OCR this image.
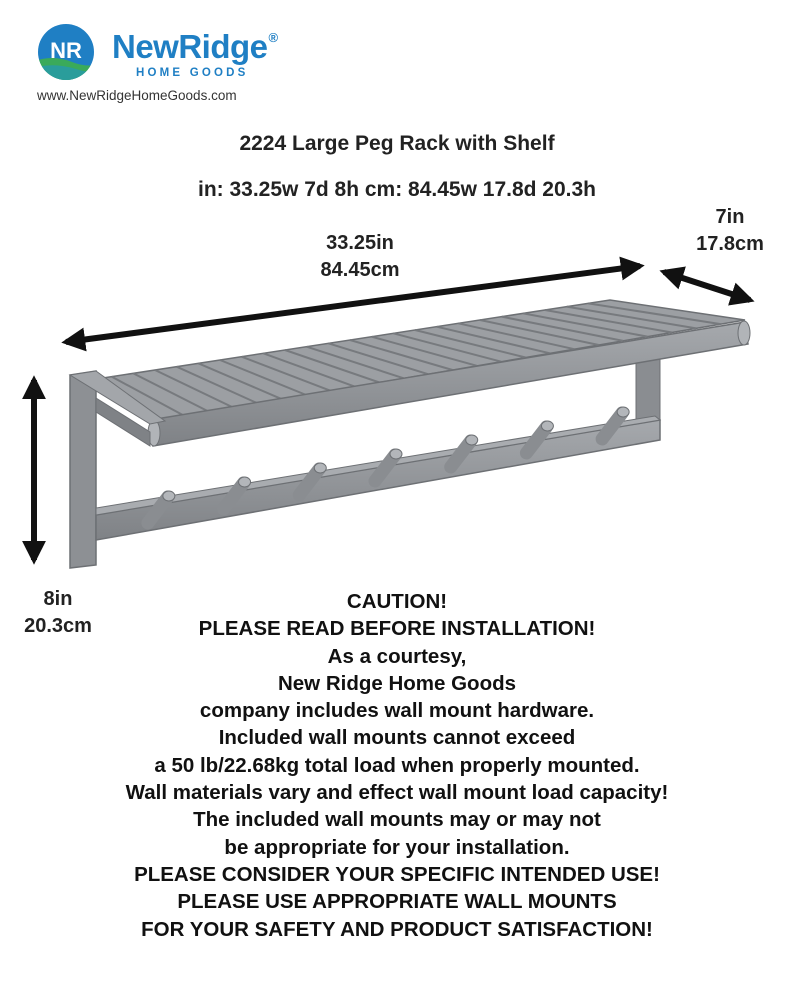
NR NewRidge®
HOME GOODS
www.NewRidgeHomeGoods.com
2224 Large Peg Rack with Shelf
in: 33.25w 7d 8h cm: 84.45w 17.8d 20.3h
33.25in
84.45cm
7in
17.8cm
8in
20.3cm
CAUTION!
PLEASE READ BEFORE INSTALLATION!
As a courtesy,
New Ridge Home Goods
company includes wall mount hardware.
Included wall mounts cannot exceed
a 50 lb/22.68kg total load when properly mounted.
Wall materials vary and effect wall mount load capacity!
The included wall mounts may or may not
be appropriate for your installation.
PLEASE CONSIDER YOUR SPECIFIC INTENDED USE!
PLEASE USE APPROPRIATE WALL MOUNTS
FOR YOUR SAFETY AND PRODUCT SATISFACTION!
